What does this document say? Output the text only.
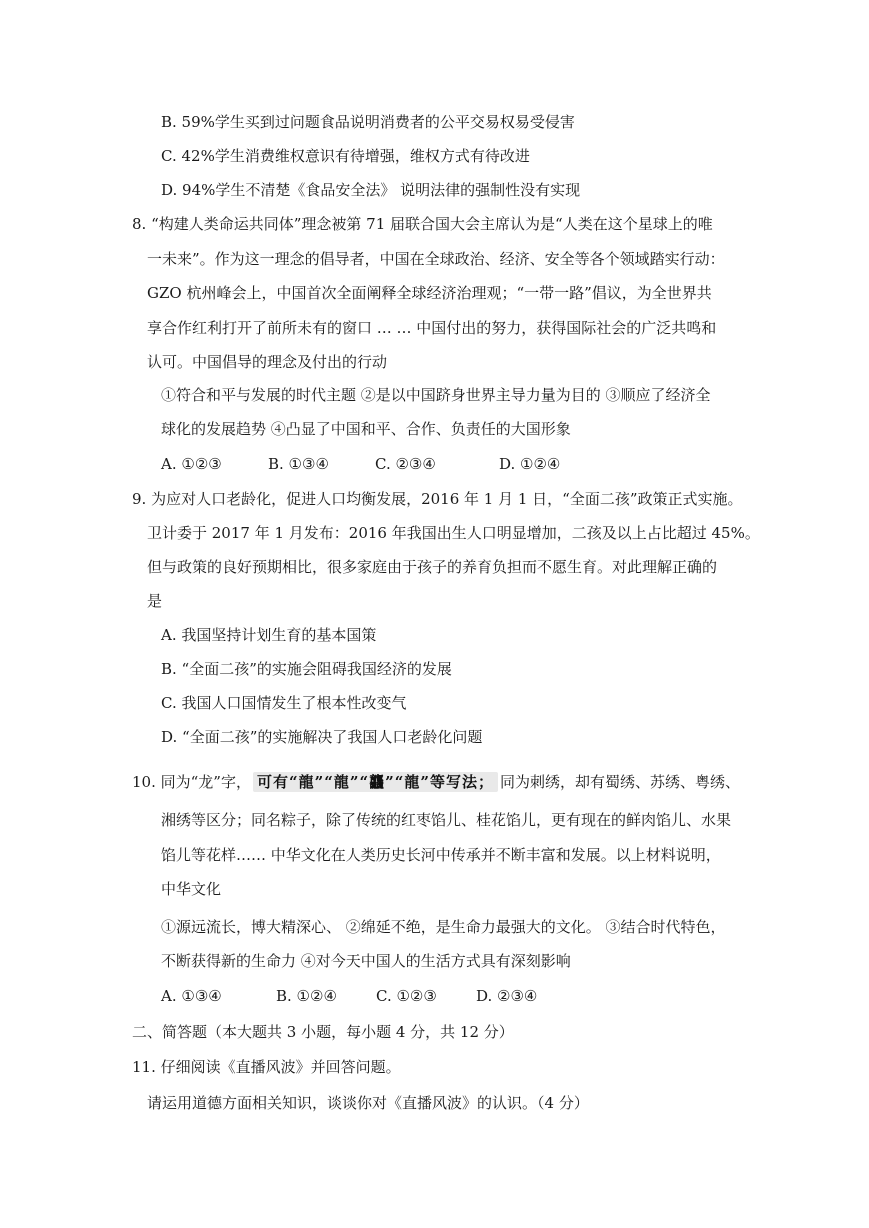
B. 59%学生买到过问题食品说明消费者的公平交易权易受侵害
C. 42%学生消费维权意识有待增强，维权方式有待改进
D. 94%学生不清楚《食品安全法》 说明法律的强制性没有实现
8. “构建人类命运共同体”理念被第 71 届联合国大会主席认为是“人类在这个星球上的唯
一未来”。作为这一理念的倡导者，中国在全球政治、经济、安全等各个领域踏实行动：
GZO 杭州峰会上，中国首次全面阐释全球经济治理观；“一带一路”倡议，为全世界共
享合作红利打开了前所未有的窗口 … … 中国付出的努力，获得国际社会的广泛共鸣和
认可。中国倡导的理念及付出的行动
①符合和平与发展的时代主题 ②是以中国跻身世界主导力量为目的 ③顺应了经济全
球化的发展趋势 ④凸显了中国和平、合作、负责任的大国形象
A. ①②③	B. ①③④	C. ②③④	D. ①②④
9. 为应对人口老龄化，促进人口均衡发展，2016 年 1 月 1 日，“全面二孩”政策正式实施。
卫计委于 2017 年 1 月发布：2016 年我国出生人口明显增加，二孩及以上占比超过 45%。
但与政策的良好预期相比，很多家庭由于孩子的养育负担而不愿生育。对此理解正确的
是
A. 我国坚持计划生育的基本国策
B. “全面二孩”的实施会阻碍我国经济的发展
C. 我国人口国情发生了根本性改变气
D. “全面二孩”的实施解决了我国人口老龄化问题
10. 同为“龙”字， 可有“龍”“龍”“龘”“龍”等写法； 同为刺绣，却有蜀绣、苏绣、粤绣、
湘绣等区分；同名粽子，除了传统的红枣馅儿、桂花馅儿，更有现在的鲜肉馅儿、水果
馅儿等花样…… 中华文化在人类历史长河中传承并不断丰富和发展。以上材料说明，
中华文化
①源远流长，博大精深心、 ②绵延不绝，是生命力最强大的文化。 ③结合时代特色，
不断获得新的生命力 ④对今天中国人的生活方式具有深刻影响
A. ①③④	B. ①②④	C. ①②③	D. ②③④
二、简答题（本大题共 3 小题，每小题 4 分，共 12 分）
11. 仔细阅读《直播风波》并回答问题。
请运用道德方面相关知识，谈谈你对《直播风波》的认识。（4 分）
